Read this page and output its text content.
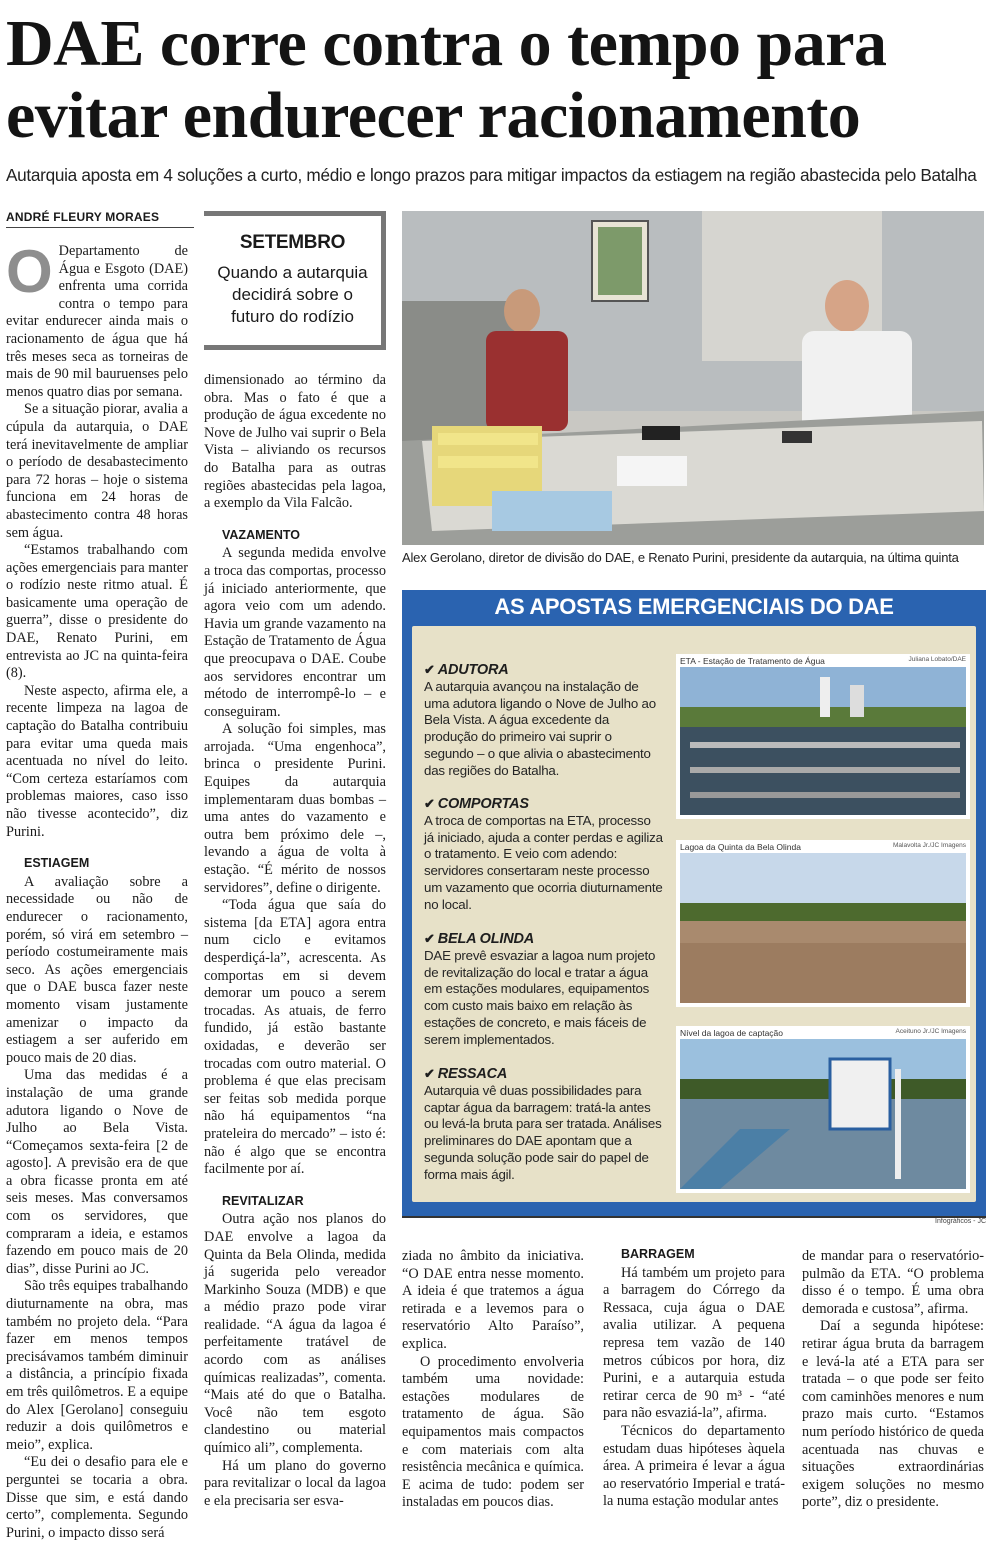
DAE corre contra o tempo para
evitar endurecer racionamento
Autarquia aposta em 4 soluções a curto, médio e longo prazos para mitigar impactos da estiagem na região abastecida pelo Batalha
ANDRÉ FLEURY MORAES
O Departamento de Água e Esgoto (DAE) enfrenta uma corrida contra o tempo para evitar endurecer ainda mais o racionamento de água que há três meses seca as torneiras de mais de 90 mil bauruenses pelo menos quatro dias por semana.

Se a situação piorar, avalia a cúpula da autarquia, o DAE terá inevitavelmente de ampliar o período de desabastecimento para 72 horas – hoje o sistema funciona em 24 horas de abastecimento contra 48 horas sem água.

“Estamos trabalhando com ações emergenciais para manter o rodízio neste ritmo atual. É basicamente uma operação de guerra”, disse o presidente do DAE, Renato Purini, em entrevista ao JC na quinta-feira (8).

Neste aspecto, afirma ele, a recente limpeza na lagoa de captação do Batalha contribuiu para evitar uma queda mais acentuada no nível do leito. “Com certeza estaríamos com problemas maiores, caso isso não tivesse acontecido”, diz Purini.

ESTIAGEM

A avaliação sobre a necessidade ou não de endurecer o racionamento, porém, só virá em setembro – período costumeiramente mais seco. As ações emergenciais que o DAE busca fazer neste momento visam justamente amenizar o impacto da estiagem a ser auferido em pouco mais de 20 dias.

Uma das medidas é a instalação de uma grande adutora ligando o Nove de Julho ao Bela Vista. “Começamos sexta-feira [2 de agosto]. A previsão era de que a obra ficasse pronta em até seis meses. Mas conversamos com os servidores, que compraram a ideia, e estamos fazendo em pouco mais de 20 dias”, disse Purini ao JC.

São três equipes trabalhando diuturnamente na obra, mas também no projeto dela. “Para fazer em menos tempos precisávamos também diminuir a distância, a princípio fixada em três quilômetros. E a equipe do Alex [Gerolano] conseguiu reduzir a dois quilômetros e meio”, explica.

“Eu dei o desafio para ele e perguntei se tocaria a obra. Disse que sim, e está dando certo”, complementa. Segundo Purini, o impacto disso será

SETEMBRO
Quando a autarquia decidirá sobre o futuro do rodízio

dimensionado ao término da obra. Mas o fato é que a produção de água excedente no Nove de Julho vai suprir o Bela Vista – aliviando os recursos do Batalha para as outras regiões abastecidas pela lagoa, a exemplo da Vila Falcão.

VAZAMENTO

A segunda medida envolve a troca das comportas, processo já iniciado anteriormente, que agora veio com um adendo. Havia um grande vazamento na Estação de Tratamento de Água que preocupava o DAE. Coube aos servidores encontrar um método de interrompê-lo – e conseguiram.

A solução foi simples, mas arrojada. “Uma engenhoca”, brinca o presidente Purini. Equipes da autarquia implementaram duas bombas – uma antes do vazamento e outra bem próximo dele –, levando a água de volta à estação. “É mérito de nossos servidores”, define o dirigente.

“Toda água que saía do sistema [da ETA] agora entra num ciclo e evitamos desperdiçá-la”, acrescenta. As comportas em si devem demorar um pouco a serem trocadas. As atuais, de ferro fundido, já estão bastante oxidadas, e deverão ser trocadas com outro material. O problema é que elas precisam ser feitas sob medida porque não há equipamentos “na prateleira do mercado” – isto é: não é algo que se encontra facilmente por aí.

REVITALIZAR

Outra ação nos planos do DAE envolve a lagoa da Quinta da Bela Olinda, medida já sugerida pelo vereador Markinho Souza (MDB) e que a médio prazo pode virar realidade. “A água da lagoa é perfeitamente tratável de acordo com as análises químicas realizadas”, comenta. “Mais até do que o Batalha. Você não tem esgoto clandestino ou material químico ali”, complementa.

Há um plano do governo para revitalizar o local da lagoa e ela precisaria ser esva-

Alex Gerolano, diretor de divisão do DAE, e Renato Purini, presidente da autarquia, na última quinta
AS APOSTAS EMERGENCIAIS DO DAE
✔ ADUTORA

A autarquia avançou na instalação de uma adutora ligando o Nove de Julho ao Bela Vista. A água excedente da produção do primeiro vai suprir o segundo – o que alivia o abastecimento das regiões do Batalha.

✔ COMPORTAS

A troca de comportas na ETA, processo já iniciado, ajuda a conter perdas e agiliza o tratamento. E veio com adendo: servidores consertaram neste processo um vazamento que ocorria diuturnamente no local.

✔ BELA OLINDA

DAE prevê esvaziar a lagoa num projeto de revitalização do local e tratar a água em estações modulares, equipamentos com custo mais baixo em relação às estações de concreto, e mais fáceis de serem implementados.

✔ RESSACA

Autarquia vê duas possibilidades para captar água da barragem: tratá-la antes ou levá-la bruta para ser tratada. Análises preliminares do DAE apontam que a segunda solução pode sair do papel de forma mais ágil.

Juliana Lobato/DAE
ETA - Estação de Tratamento de Água
Malavolta Jr./JC Imagens
Lagoa da Quinta da Bela Olinda
Aceituno Jr./JC Imagens
Nível da lagoa de captação
Infográficos - JC

ziada no âmbito da iniciativa. “O DAE entra nesse momento. A ideia é que tratemos a água retirada e a levemos para o reservatório Alto Paraíso”, explica.

O procedimento envolveria também uma novidade: estações modulares de tratamento de água. São equipamentos mais compactos e com materiais com alta resistência mecânica e química. E acima de tudo: podem ser instaladas em poucos dias.

BARRAGEM

Há também um projeto para a barragem do Córrego da Ressaca, cuja água o DAE avalia utilizar. A pequena represa tem vazão de 140 metros cúbicos por hora, diz Purini, e a autarquia estuda retirar cerca de 90 m³ - “até para não esvaziá-la”, afirma.

Técnicos do departamento estudam duas hipóteses àquela área. A primeira é levar a água ao reservatório Imperial e tratá-la numa estação modular antes

de mandar para o reservatório-pulmão da ETA. “O problema disso é o tempo. É uma obra demorada e custosa”, afirma.

Daí a segunda hipótese: retirar água bruta da barragem e levá-la até a ETA para ser tratada – o que pode ser feito com caminhões menores e num prazo mais curto. “Estamos num período histórico de queda acentuada nas chuvas e situações extraordinárias exigem soluções no mesmo porte”, diz o presidente.
